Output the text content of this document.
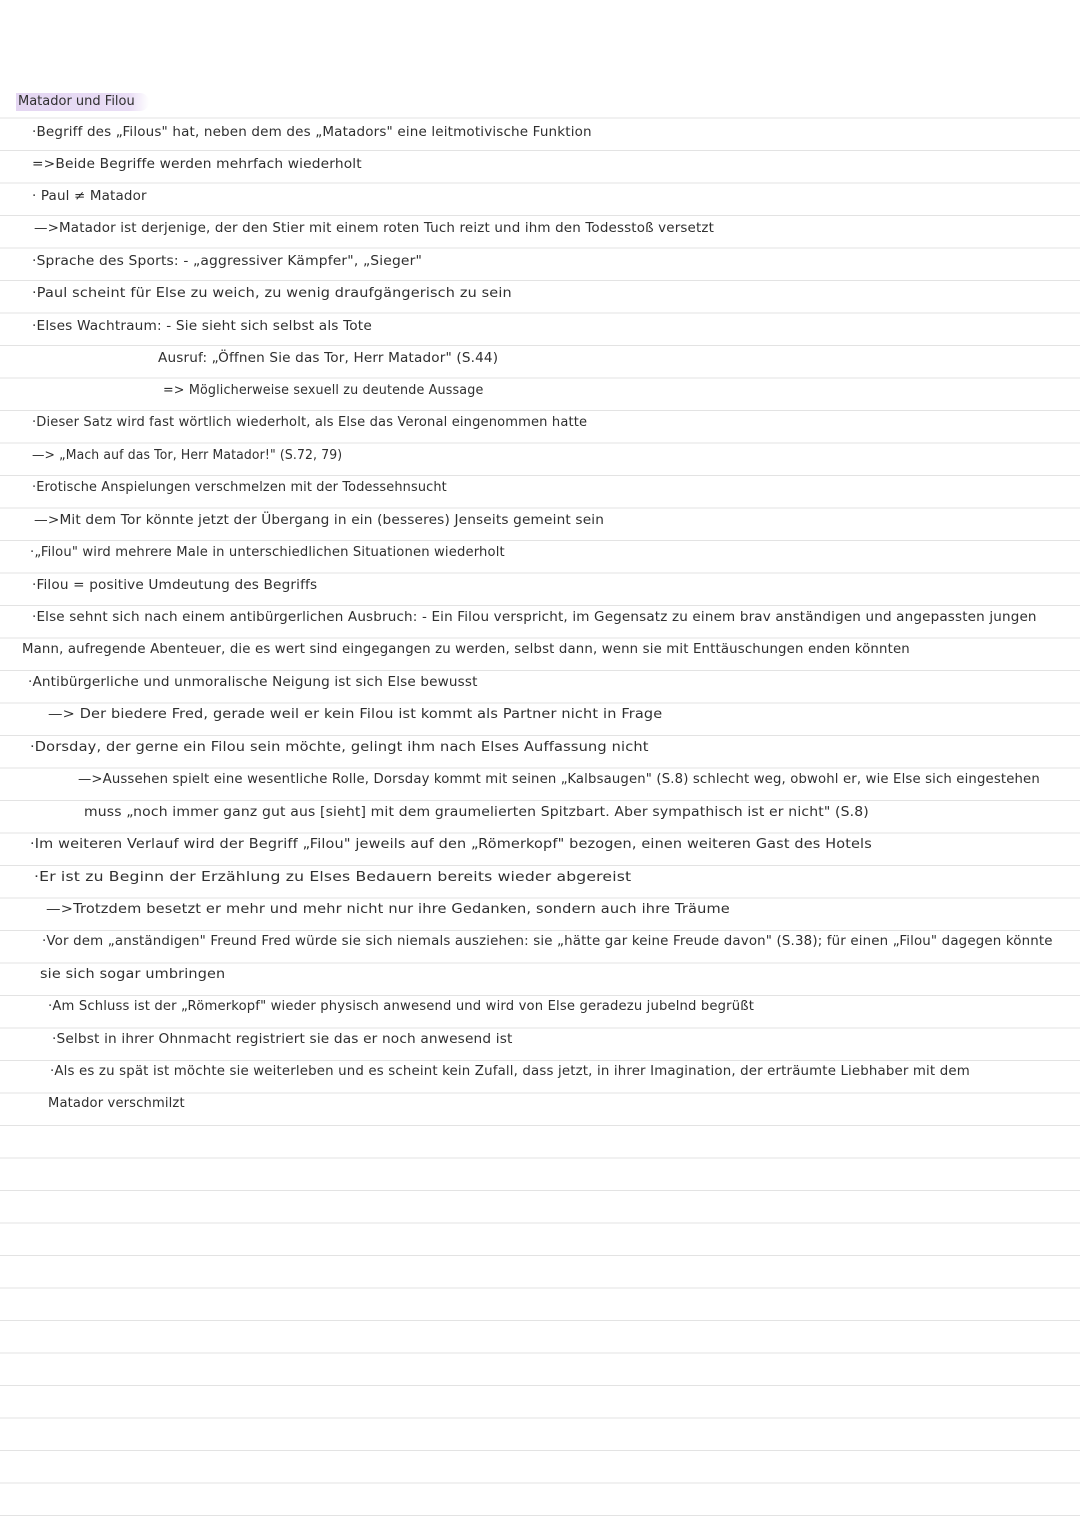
Matador und Filou
·Begriff des „Filous" hat, neben dem des „Matadors" eine leitmotivische Funktion
=>Beide Begriffe werden mehrfach wiederholt
· Paul ≠ Matador
—>Matador ist derjenige, der den Stier mit einem roten Tuch reizt und ihm den Todesstoß versetzt
·Sprache des Sports: - „aggressiver Kämpfer", „Sieger"
·Paul scheint für Else zu weich, zu wenig draufgängerisch zu sein
·Elses Wachtraum: - Sie sieht sich selbst als Tote
Ausruf: „Öffnen Sie das Tor, Herr Matador" (S.44)
=> Möglicherweise sexuell zu deutende Aussage
·Dieser Satz wird fast wörtlich wiederholt, als Else das Veronal eingenommen hatte
—> „Mach auf das Tor, Herr Matador!" (S.72, 79)
·Erotische Anspielungen verschmelzen mit der Todessehnsucht
—>Mit dem Tor könnte jetzt der Übergang in ein (besseres) Jenseits gemeint sein
·„Filou" wird mehrere Male in unterschiedlichen Situationen wiederholt
·Filou = positive Umdeutung des Begriffs
·Else sehnt sich nach einem antibürgerlichen Ausbruch: - Ein Filou verspricht, im Gegensatz zu einem brav anständigen und angepassten jungen
Mann, aufregende Abenteuer, die es wert sind eingegangen zu werden, selbst dann, wenn sie mit Enttäuschungen enden könnten
·Antibürgerliche und unmoralische Neigung ist sich Else bewusst
—> Der biedere Fred, gerade weil er kein Filou ist kommt als Partner nicht in Frage
·Dorsday, der gerne ein Filou sein möchte, gelingt ihm nach Elses Auffassung nicht
—>Aussehen spielt eine wesentliche Rolle, Dorsday kommt mit seinen „Kalbsaugen" (S.8) schlecht weg, obwohl er, wie Else sich eingestehen
muss „noch immer ganz gut aus [sieht] mit dem graumelierten Spitzbart. Aber sympathisch ist er nicht" (S.8)
·Im weiteren Verlauf wird der Begriff „Filou" jeweils auf den „Römerkopf" bezogen, einen weiteren Gast des Hotels
·Er ist zu Beginn der Erzählung zu Elses Bedauern bereits wieder abgereist
—>Trotzdem besetzt er mehr und mehr nicht nur ihre Gedanken, sondern auch ihre Träume
·Vor dem „anständigen" Freund Fred würde sie sich niemals ausziehen: sie „hätte gar keine Freude davon" (S.38); für einen „Filou" dagegen könnte
sie sich sogar umbringen
·Am Schluss ist der „Römerkopf" wieder physisch anwesend und wird von Else geradezu jubelnd begrüßt
·Selbst in ihrer Ohnmacht registriert sie das er noch anwesend ist
·Als es zu spät ist möchte sie weiterleben und es scheint kein Zufall, dass jetzt, in ihrer Imagination, der erträumte Liebhaber mit dem
Matador verschmilzt
